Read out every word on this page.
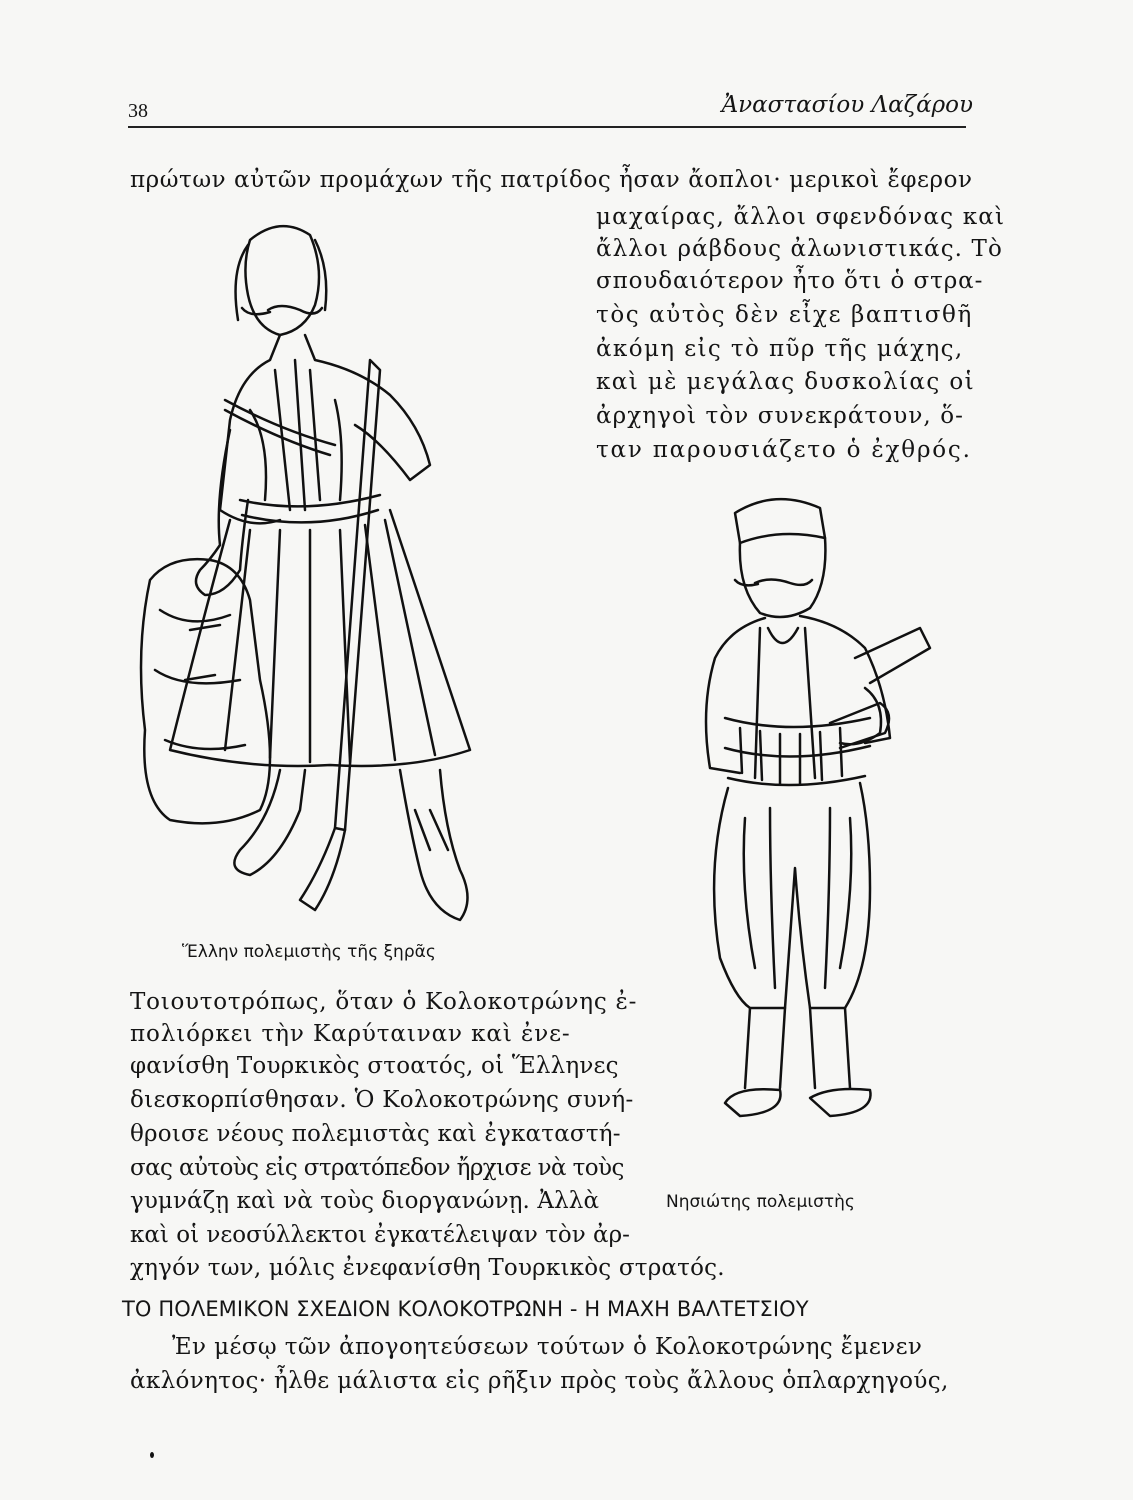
38	Ἀναστασίου Λαζάρου
πρώτων αὐτῶν προμάχων τῆς πατρίδος ἦσαν ἄοπλοι· μερικοὶ ἔφερον
μαχαίρας, ἄλλοι σφενδόνας καὶ
ἄλλοι ράβδους ἀλωνιστικάς. Τὸ
σπουδαιότερον ἦτο ὅτι ὁ στρα-
τὸς αὐτὸς δὲν εἶχε βαπτισθῆ
ἀκόμη εἰς τὸ πῦρ τῆς μάχης,
καὶ μὲ μεγάλας δυσκολίας οἱ
ἀρχηγοὶ τὸν συνεκράτουν, ὅ-
ταν παρουσιάζετο ὁ ἐχθρός.
Ἕλλην πολεμιστὴς τῆς ξηρᾶς
Τοιουτοτρόπως, ὅταν ὁ Κολοκοτρώνης ἐ-
πολιόρκει τὴν Καρύταιναν καὶ ἐνε-
φανίσθη Τουρκικὸς στοατός, οἱ Ἕλληνες
διεσκορπίσθησαν. Ὁ Κολοκοτρώνης συνή-
θροισε νέους πολεμιστὰς καὶ ἐγκαταστή-
σας αὐτοὺς εἰς στρατόπεδον ἤρχισε νὰ τοὺς
γυμνάζῃ καὶ νὰ τοὺς διοργανώνῃ. Ἀλλὰ
καὶ οἱ νεοσύλλεκτοι ἐγκατέλειψαν τὸν ἀρ-
χηγόν των, μόλις ἐνεφανίσθη Τουρκικὸς στρατός.
Νησιώτης πολεμιστὴς
ΤΟ ΠΟΛΕΜΙΚΟΝ ΣΧΕΔΙΟΝ ΚΟΛΟΚΟΤΡΩΝΗ - Η ΜΑΧΗ ΒΑΛΤΕΤΣΙΟΥ
Ἐν μέσῳ τῶν ἀπογοητεύσεων τούτων ὁ Κολοκοτρώνης ἔμενεν
ἀκλόνητος· ἦλθε μάλιστα εἰς ρῆξιν πρὸς τοὺς ἄλλους ὁπλαρχηγούς,
